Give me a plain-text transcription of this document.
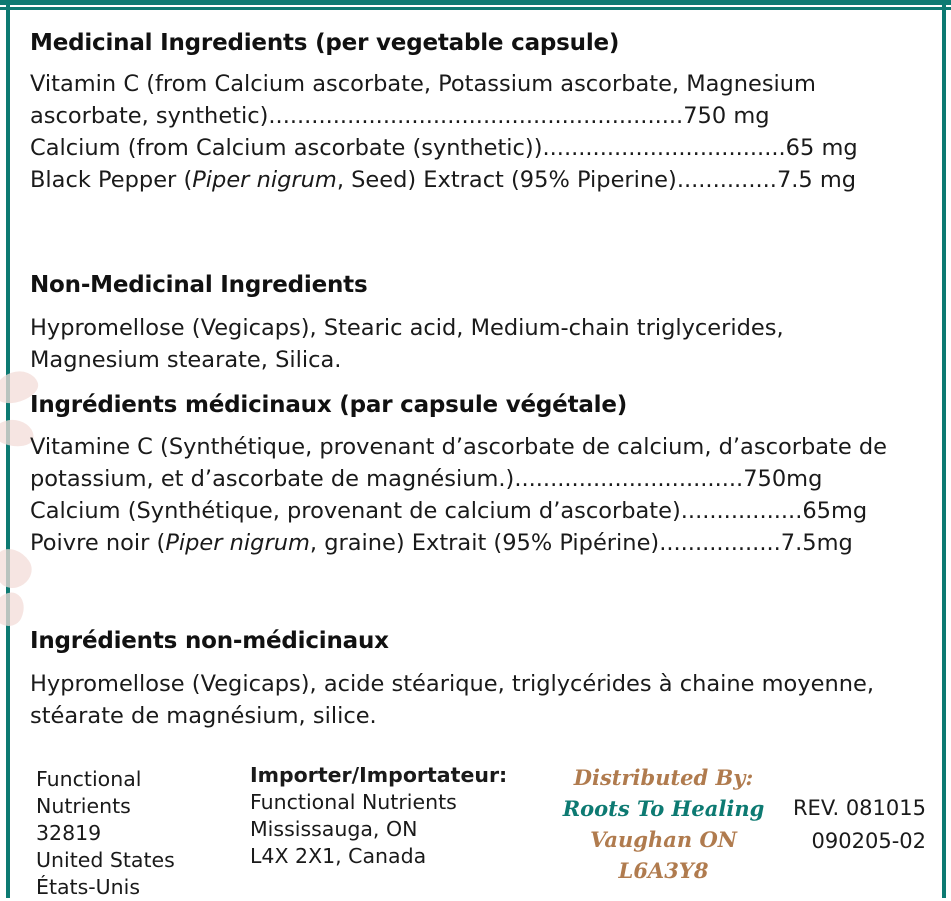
Medicinal Ingredients (per vegetable capsule)

Vitamin C (from Calcium ascorbate, Potassium ascorbate, Magnesium ascorbate, synthetic)..........................................................750 mg

Calcium (from Calcium ascorbate (synthetic))..................................65 mg

Black Pepper (Piper nigrum, Seed) Extract (95% Piperine)..............7.5 mg

Non-Medicinal Ingredients

Hypromellose (Vegicaps), Stearic acid, Medium-chain triglycerides, Magnesium stearate, Silica.

Ingrédients médicinaux (par capsule végétale)

Vitamine C (Synthétique, provenant d’ascorbate de calcium, d’ascorbate de potassium, et d’ascorbate de magnésium.)................................750mg

Calcium (Synthétique, provenant de calcium d’ascorbate).................65mg

Poivre noir (Piper nigrum, graine) Extrait (95% Pipérine).................7.5mg

Ingrédients non-médicinaux

Hypromellose (Vegicaps), acide stéarique, triglycérides à chaine moyenne, stéarate de magnésium, silice.

Functional Nutrients
32819
United States
États-Unis
Importer/Importateur:
Functional Nutrients
Mississauga, ON
L4X 2X1, Canada
Distributed By:
Roots To Healing
Vaughan ON
L6A3Y8
REV. 081015
090205-02
